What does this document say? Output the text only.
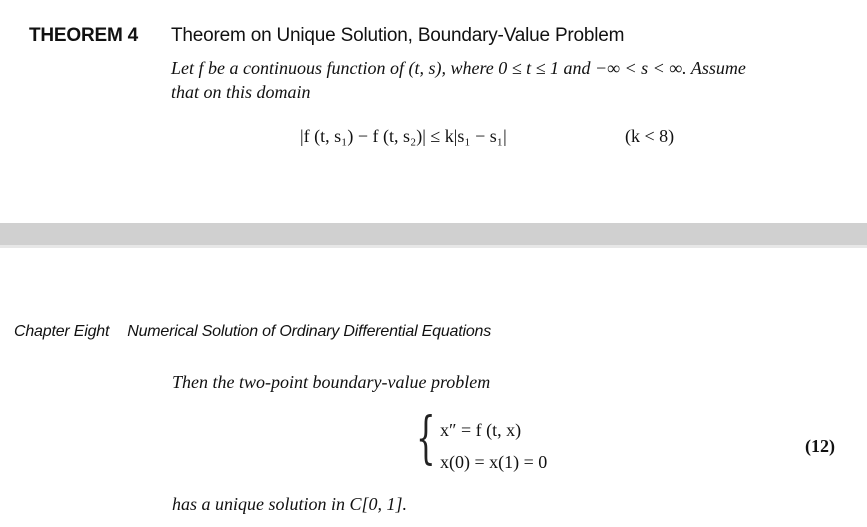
THEOREM 4 Theorem on Unique Solution, Boundary-Value Problem
Let f be a continuous function of (t, s), where 0 ≤ t ≤ 1 and −∞ < s < ∞. Assume
that on this domain
|f (t, s₁) − f (t, s₂)| ≤ k|s₁ − s₁|	(k < 8)
Chapter Eight Numerical Solution of Ordinary Differential Equations
Then the two-point boundary-value problem
{ x″ = f (t, x)
x(0) = x(1) = 0
(12)
has a unique solution in C[0, 1].
